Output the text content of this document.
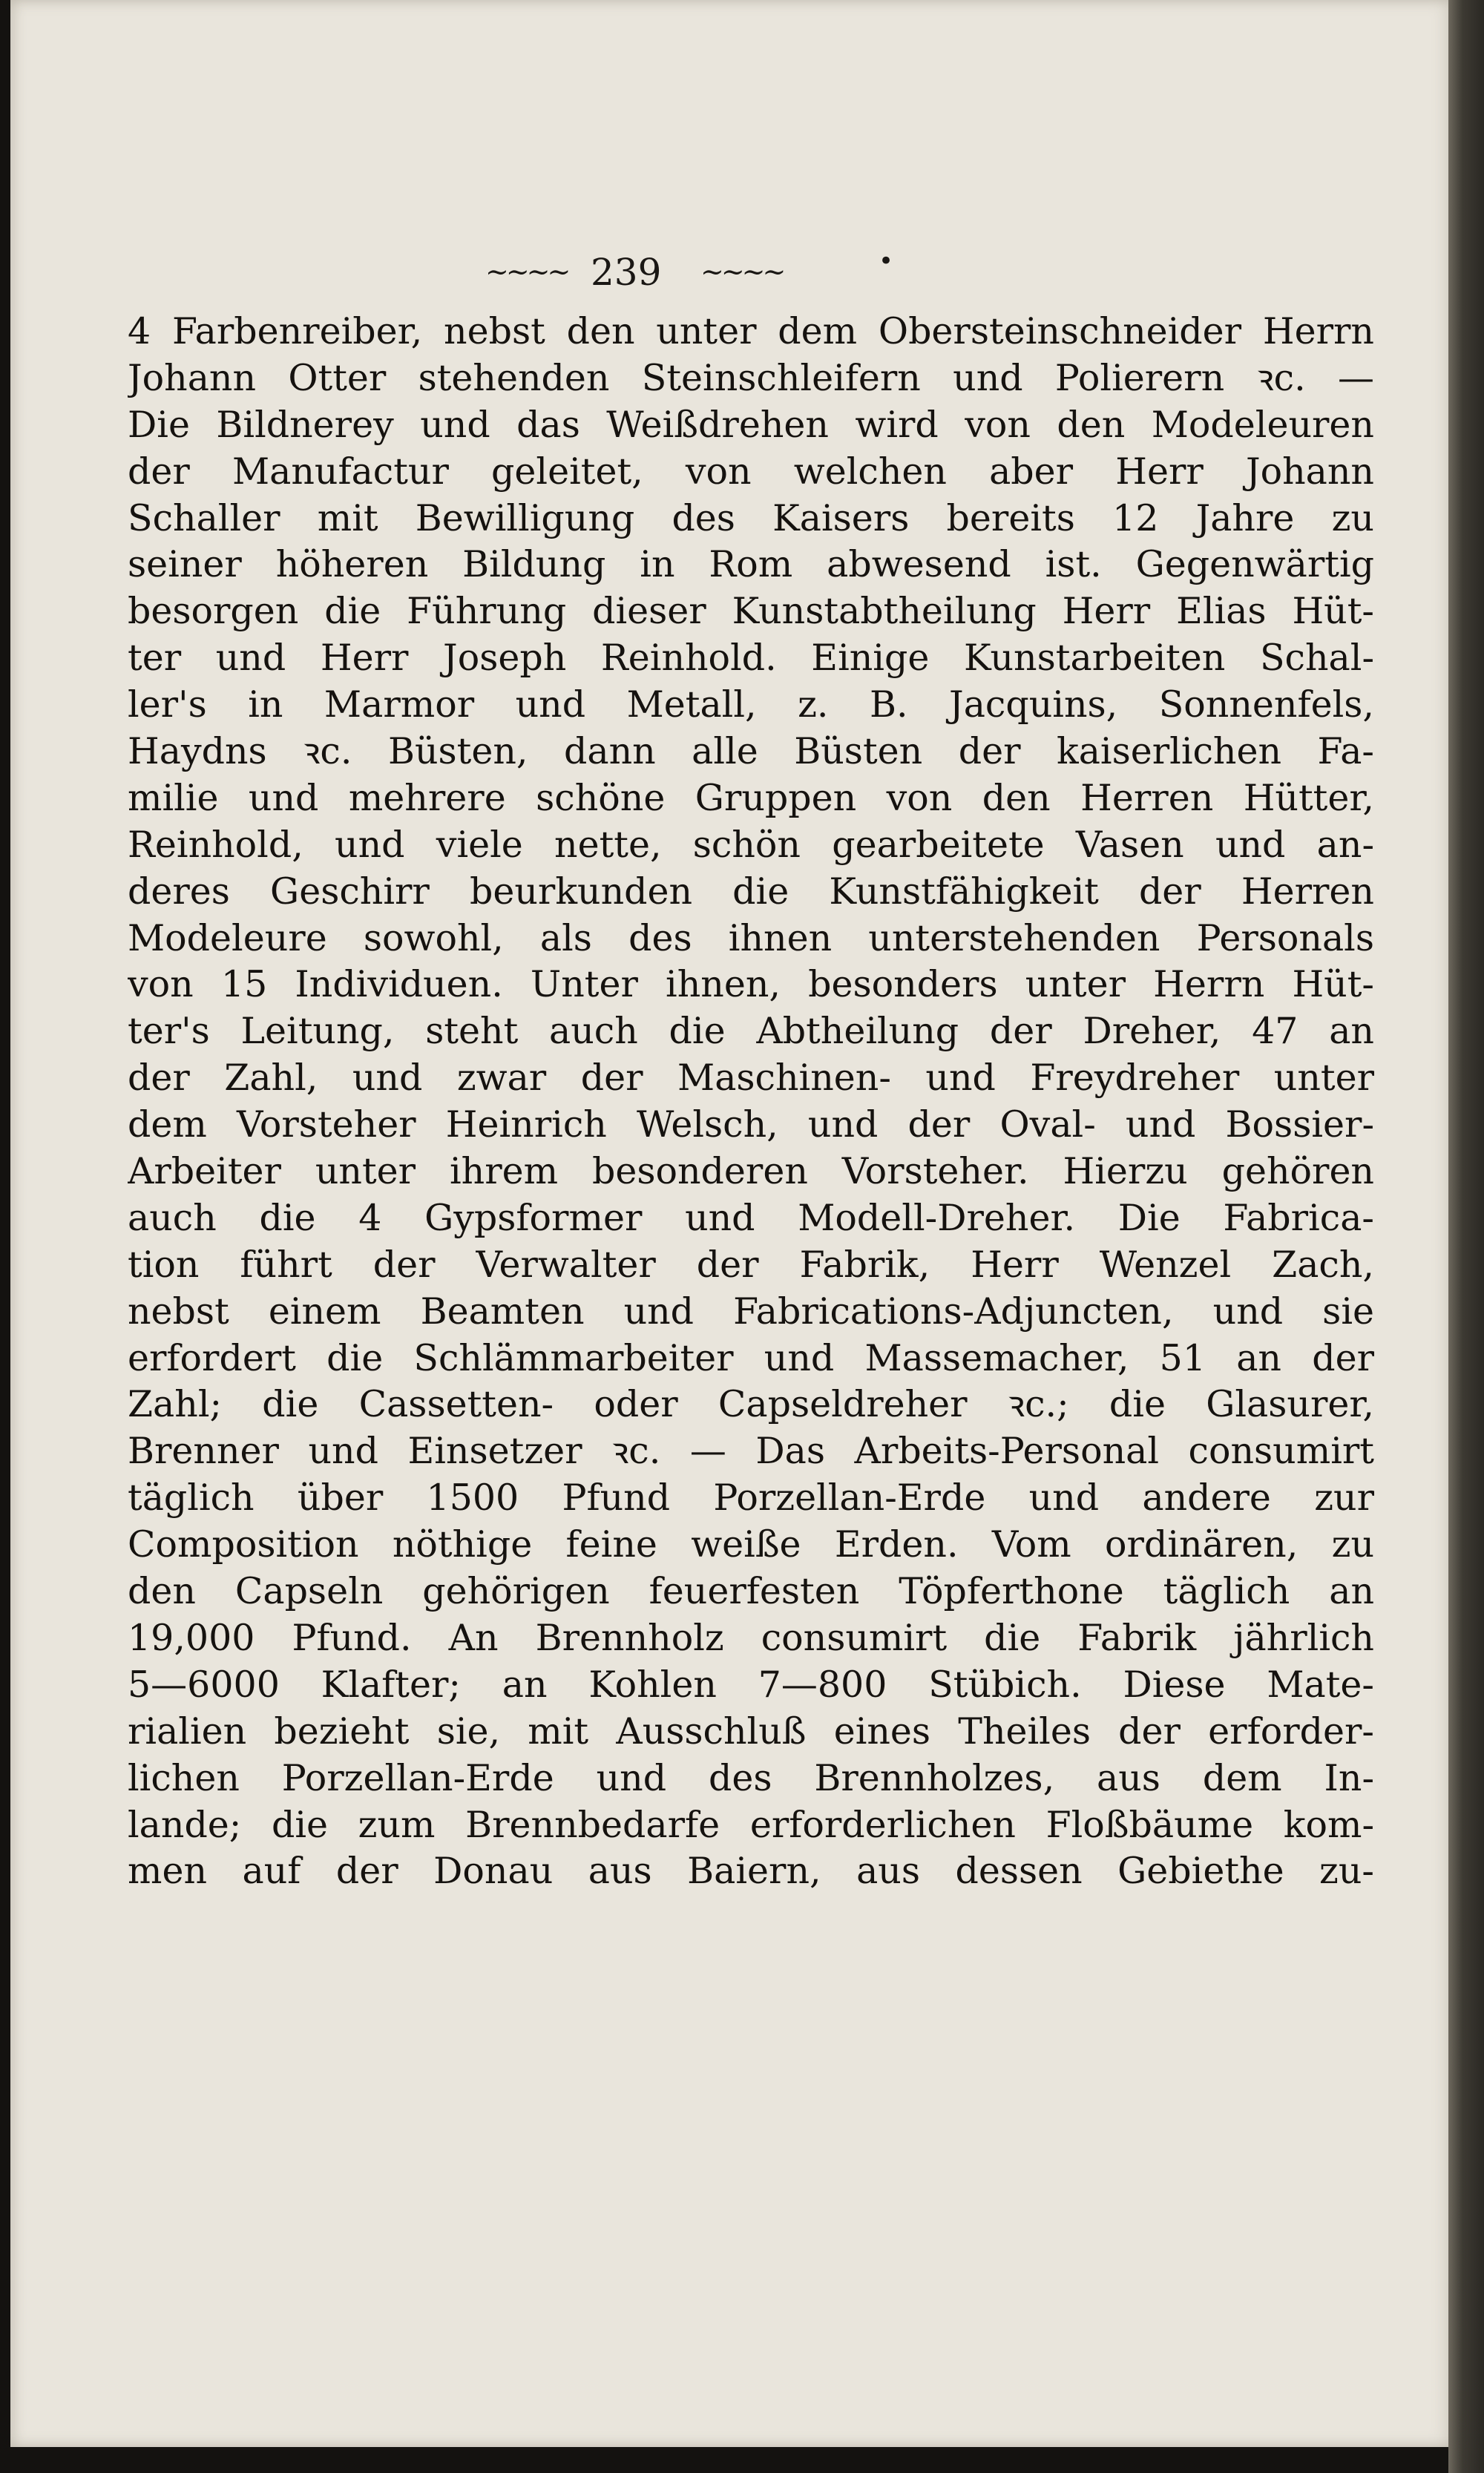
~~~~ 239 ~~~~	•
4 Farbenreiber, nebst den unter dem Obersteinschneider Herrn
Johann Otter stehenden Steinschleifern und Polierern ꝛc. —
Die Bildnerey und das Weißdrehen wird von den Modeleuren
der Manufactur geleitet, von welchen aber Herr Johann
Schaller mit Bewilligung des Kaisers bereits 12 Jahre zu
seiner höheren Bildung in Rom abwesend ist. Gegenwärtig
besorgen die Führung dieser Kunstabtheilung Herr Elias Hüt-
ter und Herr Joseph Reinhold. Einige Kunstarbeiten Schal-
ler's in Marmor und Metall, z. B. Jacquins, Sonnenfels,
Haydns ꝛc. Büsten, dann alle Büsten der kaiserlichen Fa-
milie und mehrere schöne Gruppen von den Herren Hütter,
Reinhold, und viele nette, schön gearbeitete Vasen und an-
deres Geschirr beurkunden die Kunstfähigkeit der Herren
Modeleure sowohl, als des ihnen unterstehenden Personals
von 15 Individuen. Unter ihnen, besonders unter Herrn Hüt-
ter's Leitung, steht auch die Abtheilung der Dreher, 47 an
der Zahl, und zwar der Maschinen- und Freydreher unter
dem Vorsteher Heinrich Welsch, und der Oval- und Bossier-
Arbeiter unter ihrem besonderen Vorsteher. Hierzu gehören
auch die 4 Gypsformer und Modell-Dreher. Die Fabrica-
tion führt der Verwalter der Fabrik, Herr Wenzel Zach,
nebst einem Beamten und Fabrications-Adjuncten, und sie
erfordert die Schlämmarbeiter und Massemacher, 51 an der
Zahl; die Cassetten- oder Capseldreher ꝛc.; die Glasurer,
Brenner und Einsetzer ꝛc. — Das Arbeits-Personal consumirt
täglich über 1500 Pfund Porzellan-Erde und andere zur
Composition nöthige feine weiße Erden. Vom ordinären, zu
den Capseln gehörigen feuerfesten Töpferthone täglich an
19,000 Pfund. An Brennholz consumirt die Fabrik jährlich
5—6000 Klafter; an Kohlen 7—800 Stübich. Diese Mate-
rialien bezieht sie, mit Ausschluß eines Theiles der erforder-
lichen Porzellan-Erde und des Brennholzes, aus dem In-
lande; die zum Brennbedarfe erforderlichen Floßbäume kom-
men auf der Donau aus Baiern, aus dessen Gebiethe zu-
